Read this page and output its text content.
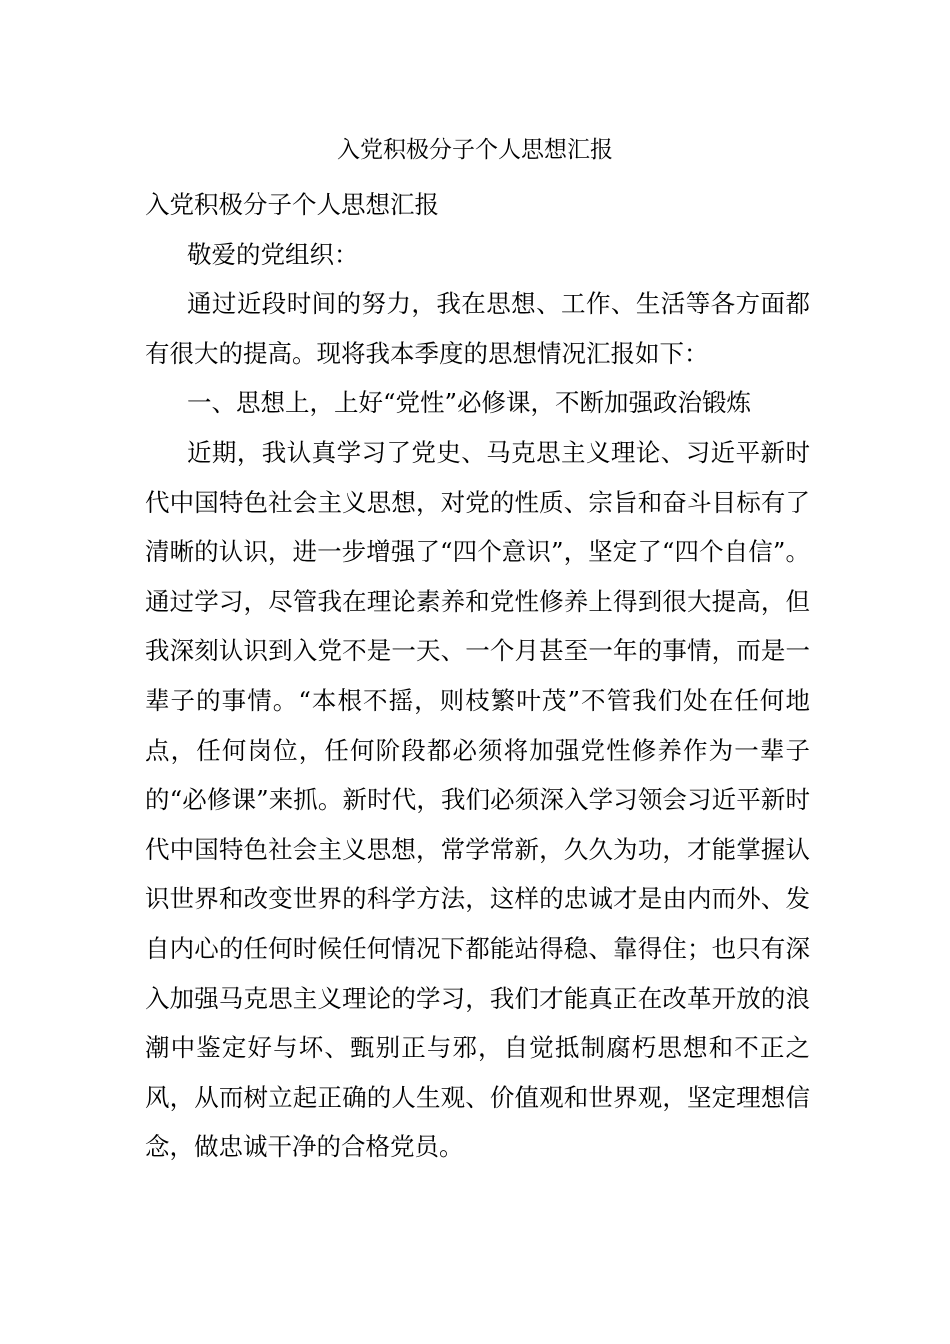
入党积极分子个人思想汇报

入党积极分子个人思想汇报

敬爱的党组织：

通过近段时间的努力，我在思想、工作、生活等各方面都有很大的提高。现将我本季度的思想情况汇报如下：

一、思想上，上好“党性”必修课，不断加强政治锻炼

近期，我认真学习了党史、马克思主义理论、习近平新时代中国特色社会主义思想，对党的性质、宗旨和奋斗目标有了清晰的认识，进一步增强了“四个意识”，坚定了“四个自信”。通过学习，尽管我在理论素养和党性修养上得到很大提高，但我深刻认识到入党不是一天、一个月甚至一年的事情，而是一辈子的事情。“本根不摇，则枝繁叶茂”不管我们处在任何地点，任何岗位，任何阶段都必须将加强党性修养作为一辈子的“必修课”来抓。新时代，我们必须深入学习领会习近平新时代中国特色社会主义思想，常学常新，久久为功，才能掌握认识世界和改变世界的科学方法，这样的忠诚才是由内而外、发自内心的任何时候任何情况下都能站得稳、靠得住；也只有深入加强马克思主义理论的学习，我们才能真正在改革开放的浪潮中鉴定好与坏、甄别正与邪，自觉抵制腐朽思想和不正之风，从而树立起正确的人生观、价值观和世界观，坚定理想信念，做忠诚干净的合格党员。
